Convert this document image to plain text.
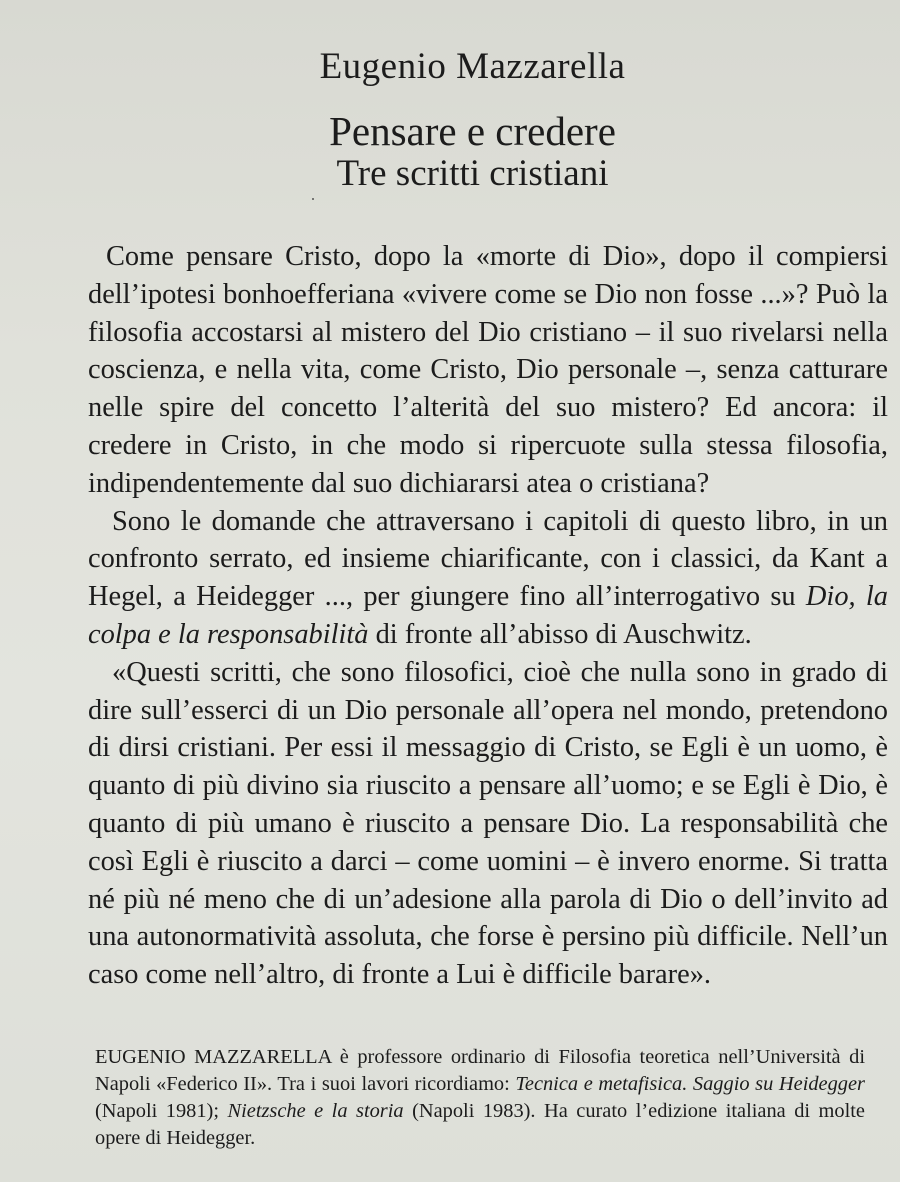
Eugenio Mazzarella
Pensare e credere
Tre scritti cristiani

Come pensare Cristo, dopo la «morte di Dio», dopo il compiersi dell’ipotesi bonhoefferiana «vivere come se Dio non fosse ...»? Può la filosofia accostarsi al mistero del Dio cristiano – il suo rivelarsi nella coscienza, e nella vita, come Cristo, Dio personale –, senza catturare nelle spire del concetto l’alterità del suo mistero? Ed ancora: il credere in Cristo, in che modo si ripercuote sulla stessa filosofia, indipendentemente dal suo dichiararsi atea o cristiana?

Sono le domande che attraversano i capitoli di questo libro, in un confronto serrato, ed insieme chiarificante, con i classici, da Kant a Hegel, a Heidegger ..., per giungere fino all’interrogativo su Dio, la colpa e la responsabilità di fronte all’abisso di Auschwitz.

«Questi scritti, che sono filosofici, cioè che nulla sono in grado di dire sull’esserci di un Dio personale all’opera nel mondo, pretendono di dirsi cristiani. Per essi il messaggio di Cristo, se Egli è un uomo, è quanto di più divino sia riuscito a pensare all’uomo; e se Egli è Dio, è quanto di più umano è riuscito a pensare Dio. La responsabilità che così Egli è riuscito a darci – come uomini – è invero enorme. Si tratta né più né meno che di un’adesione alla parola di Dio o dell’invito ad una autonormatività assoluta, che forse è persino più difficile. Nell’un caso come nell’altro, di fronte a Lui è difficile barare».

EUGENIO MAZZARELLA è professore ordinario di Filosofia teoretica nell’Università di Napoli «Federico II». Tra i suoi lavori ricordiamo: Tecnica e metafisica. Saggio su Heidegger (Napoli 1981); Nietzsche e la storia (Napoli 1983). Ha curato l’edizione italiana di molte opere di Heidegger.
